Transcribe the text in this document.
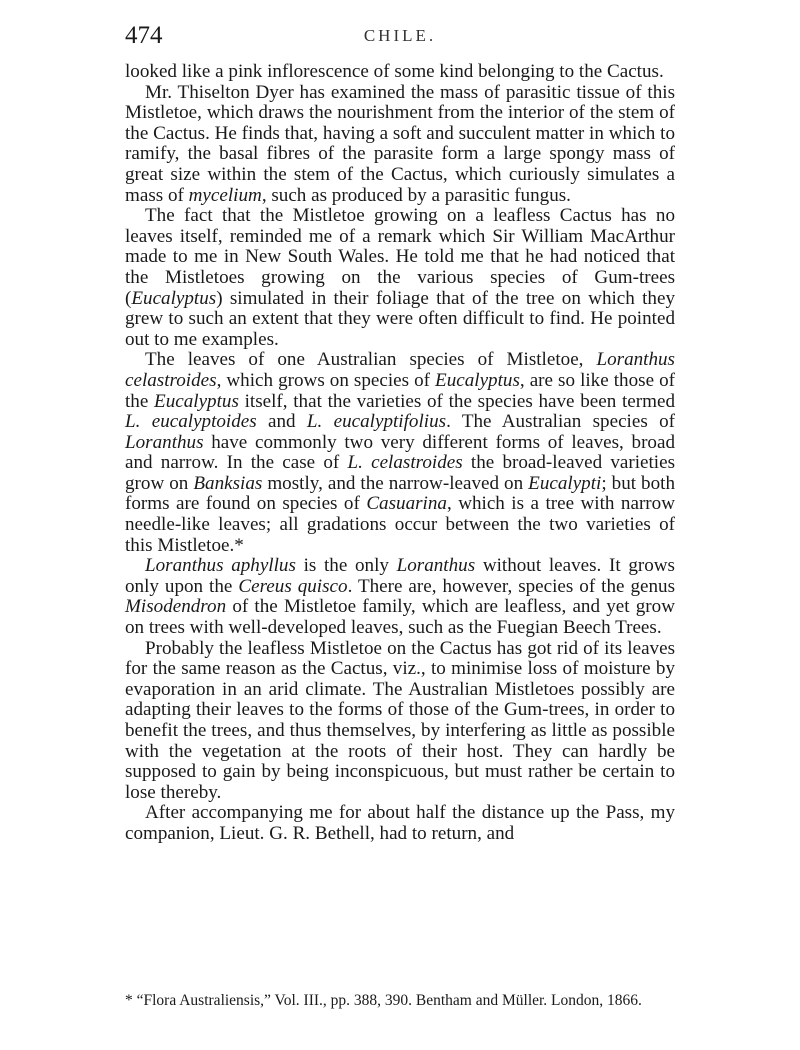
474	CHILE.

looked like a pink inflorescence of some kind belonging to the Cactus.

Mr. Thiselton Dyer has examined the mass of parasitic tissue of this Mistletoe, which draws the nourishment from the interior of the stem of the Cactus. He finds that, having a soft and succulent matter in which to ramify, the basal fibres of the parasite form a large spongy mass of great size within the stem of the Cactus, which curiously simulates a mass of mycelium, such as produced by a parasitic fungus.

The fact that the Mistletoe growing on a leafless Cactus has no leaves itself, reminded me of a remark which Sir William MacArthur made to me in New South Wales. He told me that he had noticed that the Mistletoes growing on the various species of Gum-trees (Eucalyptus) simulated in their foliage that of the tree on which they grew to such an extent that they were often difficult to find. He pointed out to me examples.

The leaves of one Australian species of Mistletoe, Loranthus celastroides, which grows on species of Eucalyptus, are so like those of the Eucalyptus itself, that the varieties of the species have been termed L. eucalyptoides and L. eucalyptifolius. The Australian species of Loranthus have commonly two very different forms of leaves, broad and narrow. In the case of L. celastroides the broad-leaved varieties grow on Banksias mostly, and the narrow-leaved on Eucalypti; but both forms are found on species of Casuarina, which is a tree with narrow needle-like leaves; all gradations occur between the two varieties of this Mistletoe.*

Loranthus aphyllus is the only Loranthus without leaves. It grows only upon the Cereus quisco. There are, however, species of the genus Misodendron of the Mistletoe family, which are leafless, and yet grow on trees with well-developed leaves, such as the Fuegian Beech Trees.

Probably the leafless Mistletoe on the Cactus has got rid of its leaves for the same reason as the Cactus, viz., to minimise loss of moisture by evaporation in an arid climate. The Australian Mistletoes possibly are adapting their leaves to the forms of those of the Gum-trees, in order to benefit the trees, and thus themselves, by interfering as little as possible with the vegetation at the roots of their host. They can hardly be supposed to gain by being inconspicuous, but must rather be certain to lose thereby.

After accompanying me for about half the distance up the Pass, my companion, Lieut. G. R. Bethell, had to return, and

* “Flora Australiensis,” Vol. III., pp. 388, 390. Bentham and Müller. London, 1866.
